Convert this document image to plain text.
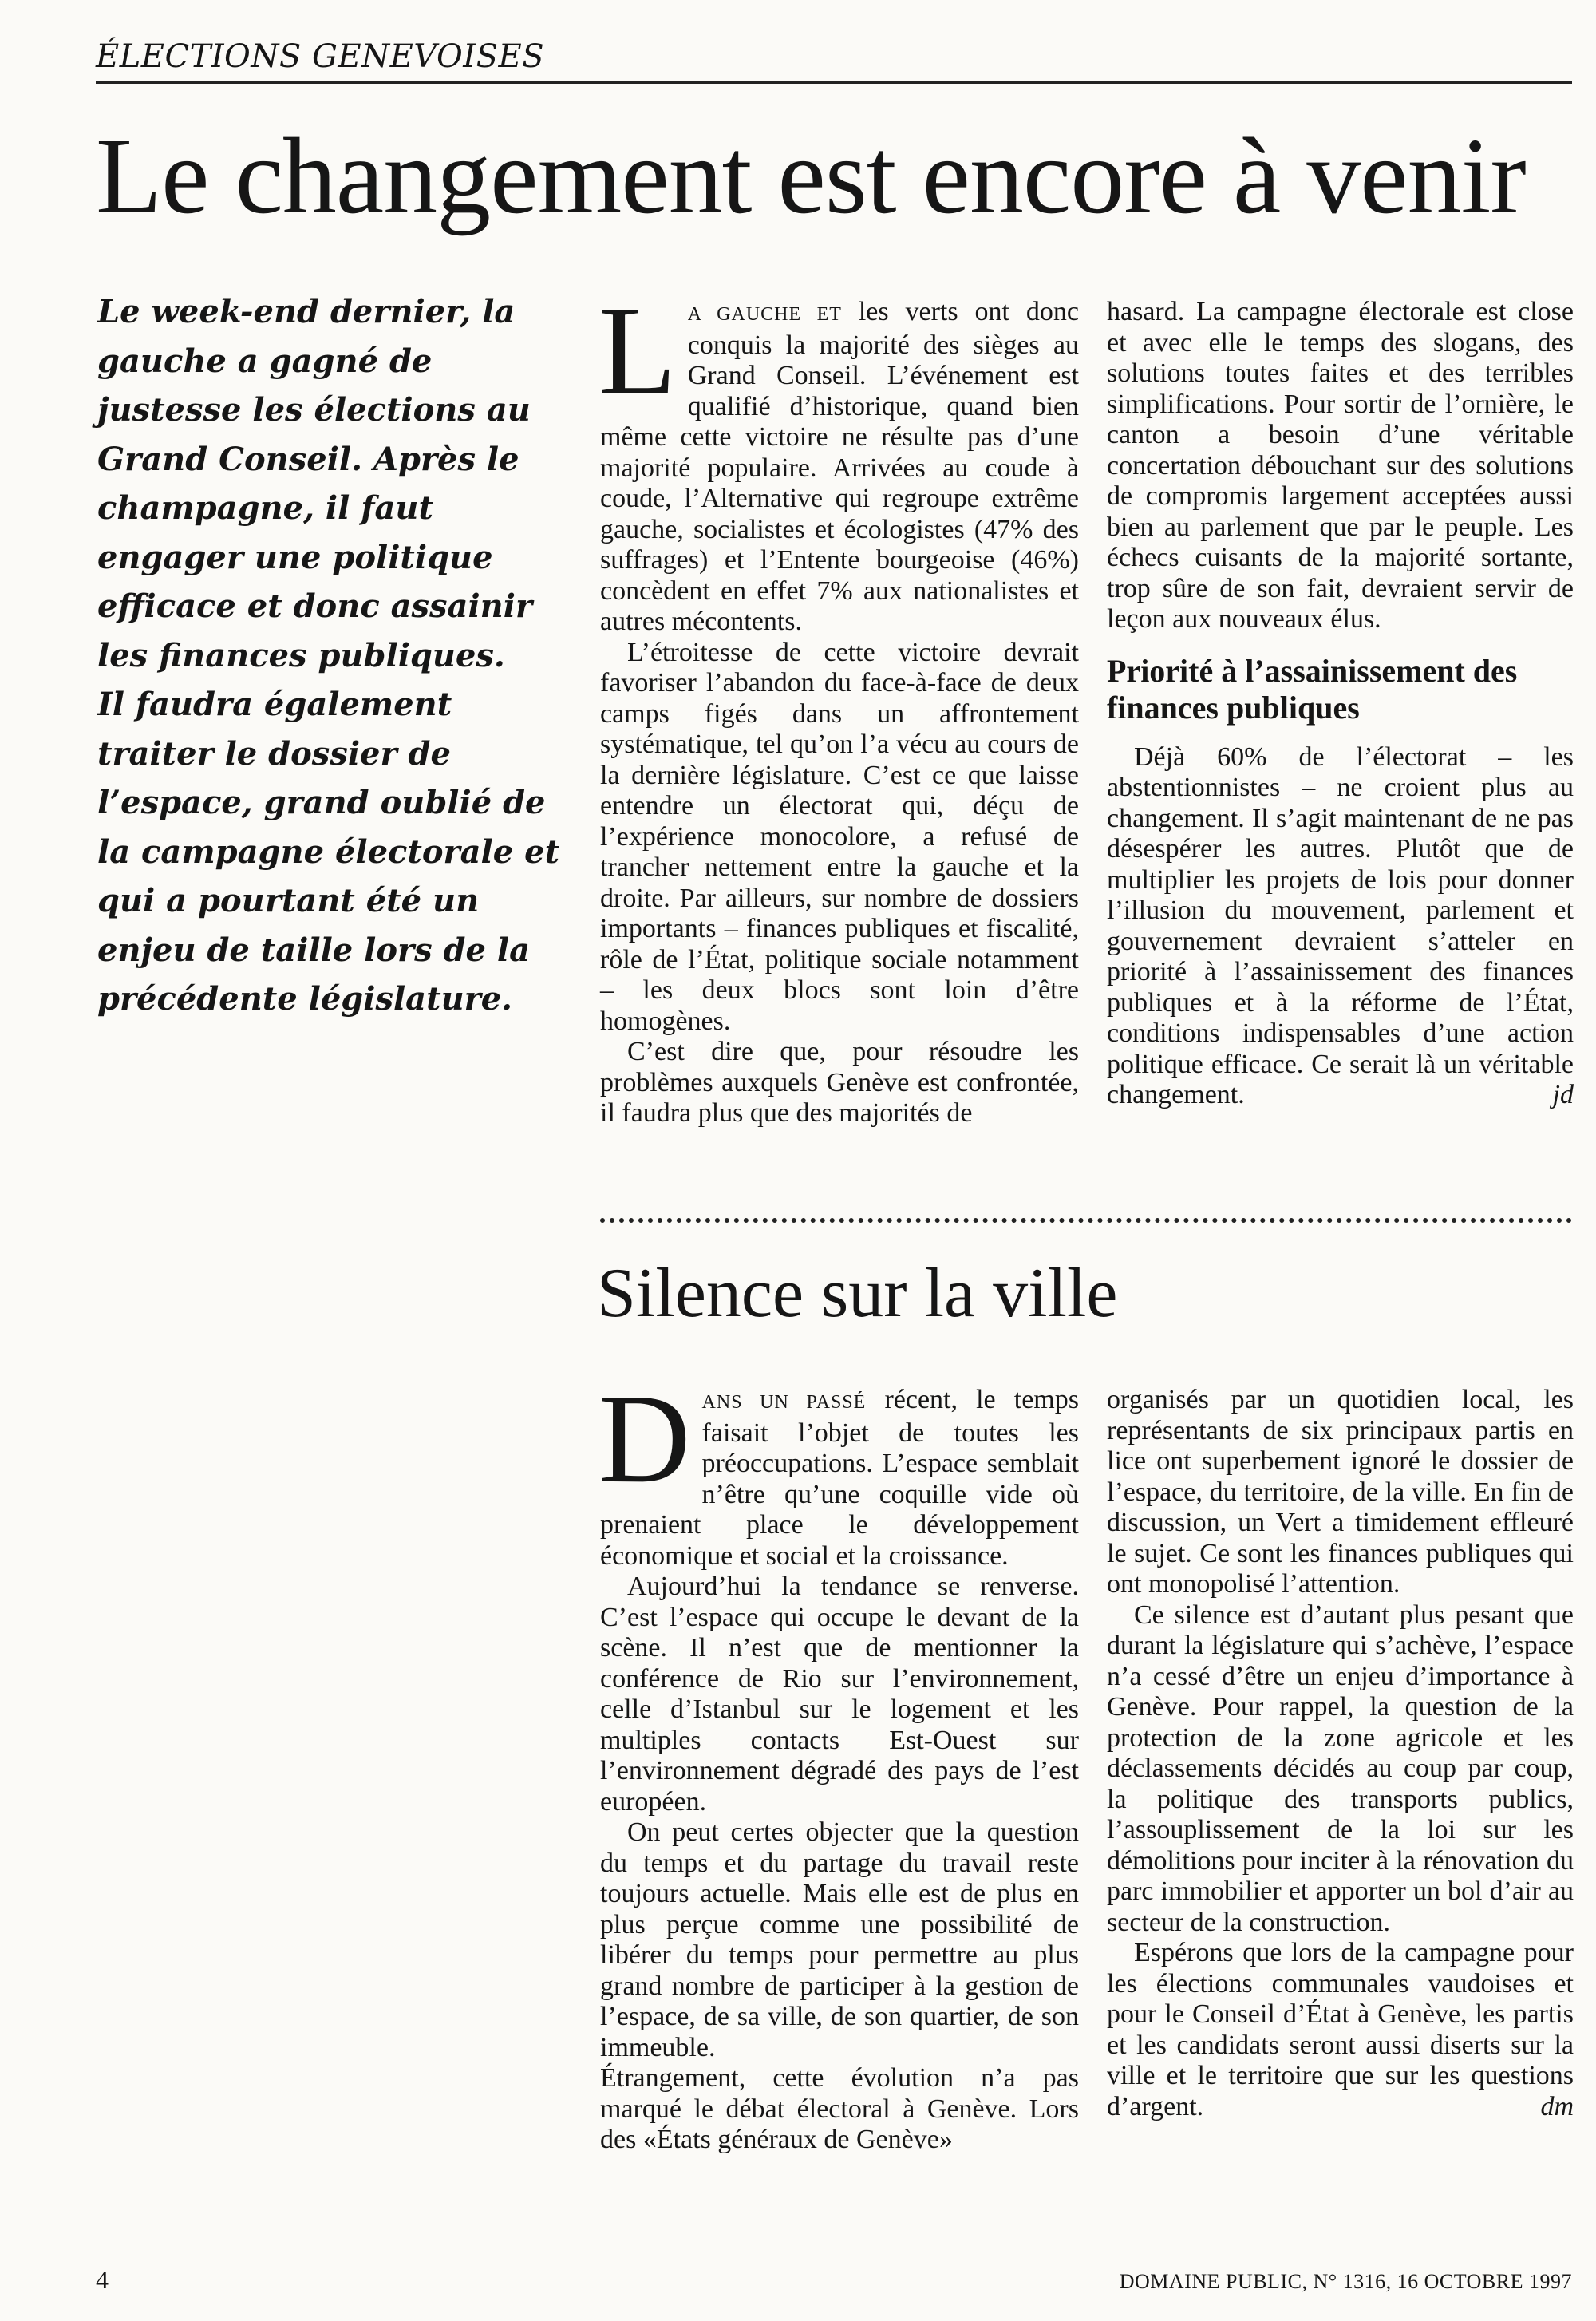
ÉLECTIONS GENEVOISES
Le changement est encore à venir

Le week-end dernier, la gauche a gagné de justesse les élections au Grand Conseil. Après le champagne, il faut engager une politique efficace et donc assainir les finances publiques.

Il faudra également traiter le dossier de l’espace, grand oublié de la campagne électorale et qui a pourtant été un enjeu de taille lors de la précédente législature.

LA GAUCHE ET les verts ont donc conquis la majorité des sièges au Grand Conseil. L’événement est qualifié d’historique, quand bien même cette victoire ne résulte pas d’une majorité populaire. Arrivées au coude à coude, l’Alternative qui regroupe extrême gauche, socialistes et écologistes (47% des suffrages) et l’Entente bourgeoise (46%) concèdent en effet 7% aux nationalistes et autres mécontents.

L’étroitesse de cette victoire devrait favoriser l’abandon du face-à-face de deux camps figés dans un affrontement systématique, tel qu’on l’a vécu au cours de la dernière législature. C’est ce que laisse entendre un électorat qui, déçu de l’expérience monocolore, a refusé de trancher nettement entre la gauche et la droite. Par ailleurs, sur nombre de dossiers importants – finances publiques et fiscalité, rôle de l’État, politique sociale notamment – les deux blocs sont loin d’être homogènes.

C’est dire que, pour résoudre les problèmes auxquels Genève est confrontée, il faudra plus que des majorités de

hasard. La campagne électorale est close et avec elle le temps des slogans, des solutions toutes faites et des terribles simplifications. Pour sortir de l’ornière, le canton a besoin d’une véritable concertation débouchant sur des solutions de compromis largement acceptées aussi bien au parlement que par le peuple. Les échecs cuisants de la majorité sortante, trop sûre de son fait, devraient servir de leçon aux nouveaux élus.

Priorité à l’assainissement des finances publiques

Déjà 60% de l’électorat – les abstentionnistes – ne croient plus au changement. Il s’agit maintenant de ne pas désespérer les autres. Plutôt que de multiplier les projets de lois pour donner l’illusion du mouvement, parlement et gouvernement devraient s’atteler en priorité à l’assainissement des finances publiques et à la réforme de l’État, conditions indispensables d’une action politique efficace. Ce serait là un véritable changement.	jd

Silence sur la ville

DANS UN PASSÉ récent, le temps faisait l’objet de toutes les préoccupations. L’espace semblait n’être qu’une coquille vide où prenaient place le développement économique et social et la croissance.

Aujourd’hui la tendance se renverse. C’est l’espace qui occupe le devant de la scène. Il n’est que de mentionner la conférence de Rio sur l’environnement, celle d’Istanbul sur le logement et les multiples contacts Est-Ouest sur l’environnement dégradé des pays de l’est européen.

On peut certes objecter que la question du temps et du partage du travail reste toujours actuelle. Mais elle est de plus en plus perçue comme une possibilité de libérer du temps pour permettre au plus grand nombre de participer à la gestion de l’espace, de sa ville, de son quartier, de son immeuble.

Étrangement, cette évolution n’a pas marqué le débat électoral à Genève. Lors des «États généraux de Genève»

organisés par un quotidien local, les représentants de six principaux partis en lice ont superbement ignoré le dossier de l’espace, du territoire, de la ville. En fin de discussion, un Vert a timidement effleuré le sujet. Ce sont les finances publiques qui ont monopolisé l’attention.

Ce silence est d’autant plus pesant que durant la législature qui s’achève, l’espace n’a cessé d’être un enjeu d’importance à Genève. Pour rappel, la question de la protection de la zone agricole et les déclassements décidés au coup par coup, la politique des transports publics, l’assouplissement de la loi sur les démolitions pour inciter à la rénovation du parc immobilier et apporter un bol d’air au secteur de la construction.

Espérons que lors de la campagne pour les élections communales vaudoises et pour le Conseil d’État à Genève, les partis et les candidats seront aussi diserts sur la ville et le territoire que sur les questions d’argent.	dm

4	DOMAINE PUBLIC, N° 1316, 16 OCTOBRE 1997
